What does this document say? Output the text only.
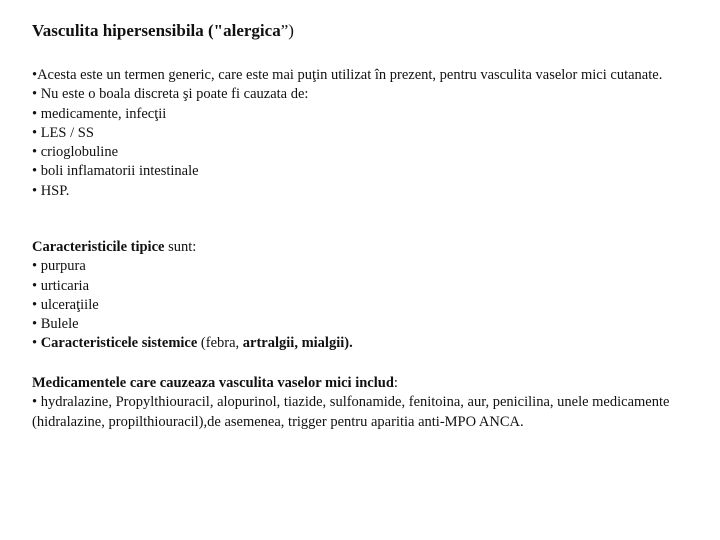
Vasculita hipersensibila ("alergica”)
•Acesta este un termen generic, care este mai puţin utilizat în prezent, pentru vasculita vaselor mici cutanate.
• Nu este o boala discreta şi poate fi cauzata de:
• medicamente, infecţii
• LES / SS
• crioglobuline
• boli inflamatorii intestinale
• HSP.
Caracteristicile tipice sunt:
• purpura
• urticaria
• ulceraţiile
• Bulele
• Caracteristicele sistemice (febra, artralgii, mialgii).
Medicamentele care cauzeaza vasculita vaselor mici includ:
• hydralazine, Propylthiouracil, alopurinol, tiazide, sulfonamide, fenitoina, aur, penicilina, unele medicamente (hidralazine, propilthiouracil),de asemenea, trigger pentru aparitia anti-MPO ANCA.
